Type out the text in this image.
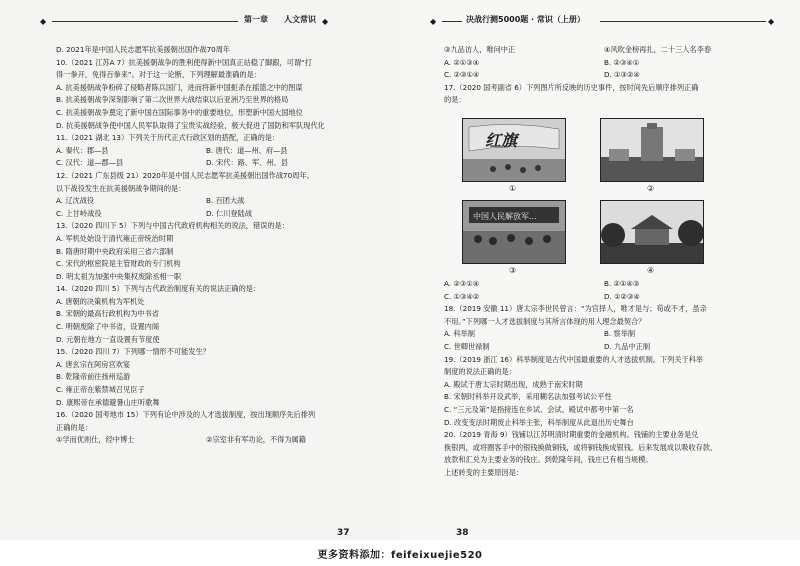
◆	第一章 人文常识 ◆

D. 2021年是中国人民志愿军抗美援朝出国作战70周年

10.（2021 江苏A 7）抗美援朝战争的胜利使得新中国真正站稳了脚跟，可谓“打

得一拳开，免得百拳来”。对于这一论断，下列理解最准确的是：

A. 抗美援朝战争粉碎了侵略者陈兵国门，进而将新中国扼杀在摇篮之中的图谋

B. 抗美援朝战争深刻影响了第二次世界大战结束以后亚洲乃至世界的格局

C. 抗美援朝战争奠定了新中国在国际事务中的重要地位，形塑新中国大国地位

D. 抗美援朝战争使中国人民军队取得了宝贵实战经验，极大促进了国防和军队现代化

11.（2021 湖北 13）下列关于历代正式行政区划的搭配，正确的是：

A. 秦代：郡—县	B. 唐代：道—州、府—县
C. 汉代：道—郡—县	D. 宋代：路、军、州、县

12.（2021 广东县级 21）2020年是中国人民志愿军抗美援朝出国作战70周年。

以下战役发生在抗美援朝战争期间的是：

A. 辽沈战役	B. 百团大战
C. 上甘岭战役	D. 仁川登陆战

13.（2020 四川下 5）下列与中国古代政府机构相关的说法，错误的是：

A. 军机处始设于清代雍正帝统治时期

B. 隋唐时期中央政府采用三省六部制

C. 宋代的枢密院是主管财政的专门机构

D. 明太祖为加强中央集权废除丞相一职

14.（2020 四川 5）下列与古代政治制度有关的说法正确的是：

A. 唐朝的决策机构为军机处

B. 宋朝的最高行政机构为中书省

C. 明朝废除了中书省，设置内阁

D. 元朝在地方一直设置有节度使

15.（2020 四川 7）下列哪一情形不可能发生？

A. 唐玄宗在阿房宫欢宴

B. 乾隆帝前往扬州巡游

C. 雍正帝在紫禁城召见臣子

D. 康熙帝在承德避暑山庄听歌舞

16.（2020 国考地市 15）下列有论中涉及的人才选拔制度，按出现顺序先后排列

正确的是：

①学而优则仕，经中博士	②宗室非有军功论，不得为属籍
37
◆	决战行测5000题 · 常识（上册）	◆
③九品访人，唯问中正	④风吹金榜再扎，二十三人名李春
A. ②①③④	B. ②③④①
C. ②③①④	D. ①③②④

17.（2020 国考副省 6）下列图片所反映的历史事件，按时间先后顺序排列正确

的是：

红旗
①	②
中国人民解放军...
③	④
A. ②③①④	B. ②①④③
C. ①③④②	D. ①②③④

18.（2019 安徽 11）唐太宗李世民曾言：“为官择人，唯才是与；苟或不才，虽亲

不用。”下列哪一人才选拔制度与其所言体现的用人理念最契合？

A. 科举制	B. 察举制
C. 世卿世禄制	D. 九品中正制

19.（2019 浙江 16）科举制度是古代中国最重要的人才选拔机制。下列关于科举

制度的说法正确的是：

A. 殿试于唐太宗时期出现，成熟于南宋时期

B. 宋朝时科举开设武举，采用糊名法加强考试公平性

C. “三元及第”是指接连在乡试、会试、殿试中都考中第一名

D. 改变变法时期废止科举主张，科举制度从此退出历史舞台

20.（2019 青海 9）钱铺以江苏明清时期重要的金融机构。钱铺的主要业务是兑

换银两，或将圈客手中的银钱换做铜钱，或将铜钱换成银钱。后来发展成以吸收存款、

放款和汇兑为主要业务的钱庄。到乾隆年间，钱庄已有相当规模。

上述转变的主要原因是：

38
更多资料添加：feifeixuejie520
